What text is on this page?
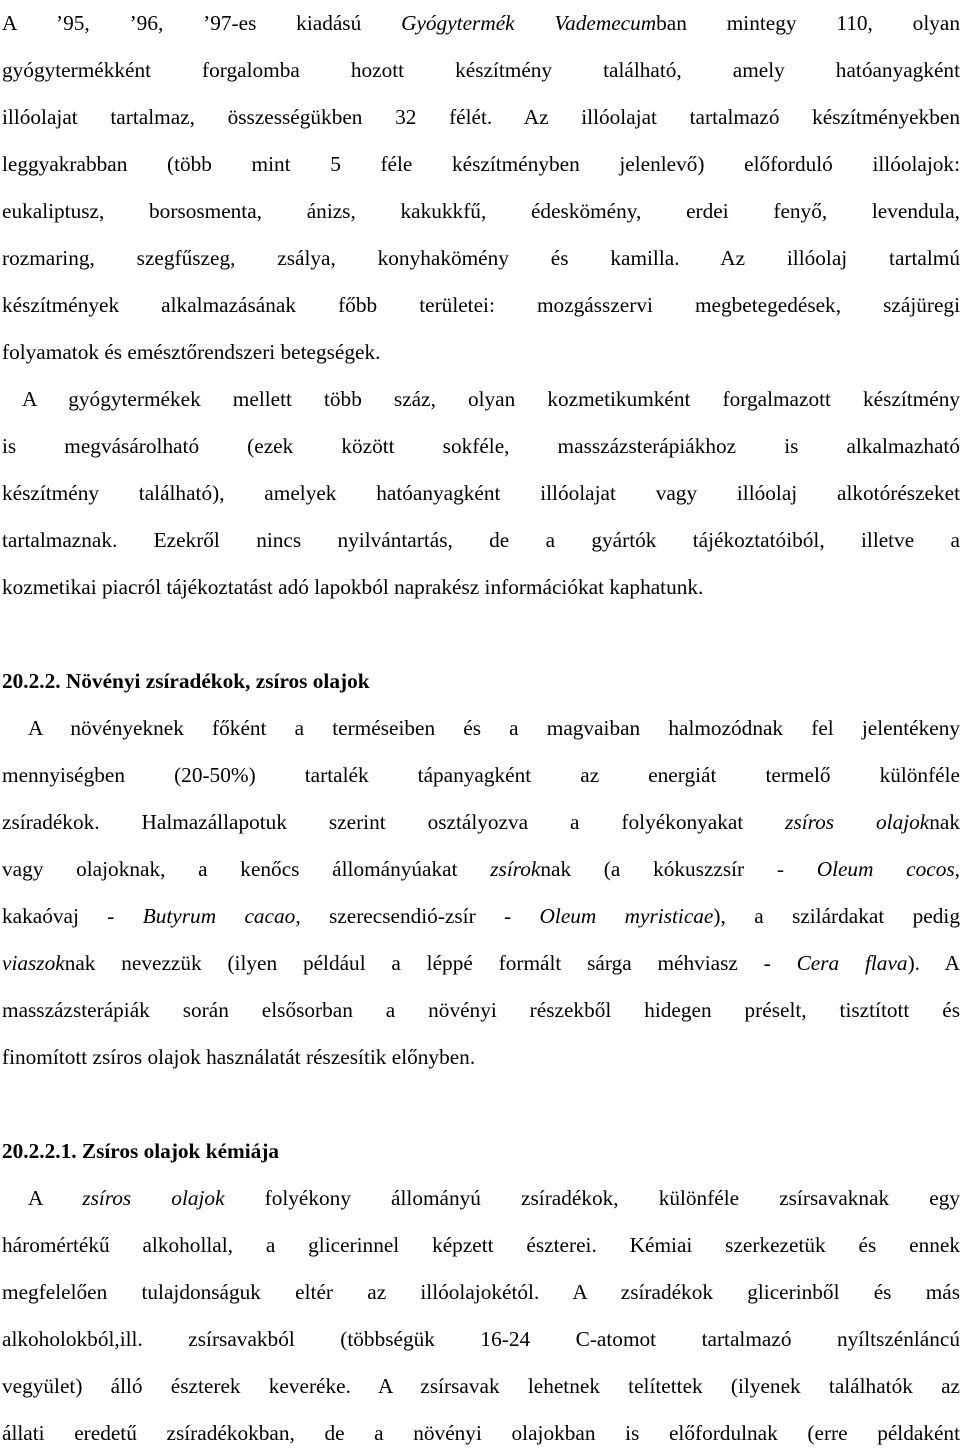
A ’95, ’96, ’97-es kiadású Gyógytermék Vademecumban mintegy 110, olyan
gyógytermékként forgalomba hozott készítmény található, amely hatóanyagként
illóolajat tartalmaz, összességükben 32 félét. Az illóolajat tartalmazó készítményekben
leggyakrabban (több mint 5 féle készítményben jelenlevő) előforduló illóolajok:
eukaliptusz, borsosmenta, ánizs, kakukkfű, édeskömény, erdei fenyő, levendula,
rozmaring, szegfűszeg, zsálya, konyhakömény és kamilla. Az illóolaj tartalmú
készítmények alkalmazásának főbb területei: mozgásszervi megbetegedések, szájüregi
folyamatok és emésztőrendszeri betegségek.
A gyógytermékek mellett több száz, olyan kozmetikumként forgalmazott készítmény
is megvásárolható (ezek között sokféle, masszázsterápiákhoz is alkalmazható
készítmény található), amelyek hatóanyagként illóolajat vagy illóolaj alkotórészeket
tartalmaznak. Ezekről nincs nyilvántartás, de a gyártók tájékoztatóiból, illetve a
kozmetikai piacról tájékoztatást adó lapokból naprakész információkat kaphatunk.
20.2.2. Növényi zsíradékok, zsíros olajok
A növényeknek főként a terméseiben és a magvaiban halmozódnak fel jelentékeny
mennyiségben (20-50%) tartalék tápanyagként az energiát termelő különféle
zsíradékok. Halmazállapotuk szerint osztályozva a folyékonyakat zsíros olajoknak
vagy olajoknak, a kenőcs állományúakat zsíroknak (a kókuszzsír - Oleum cocos,
kakaóvaj - Butyrum cacao, szerecsendió-zsír - Oleum myristicae), a szilárdakat pedig
viaszoknak nevezzük (ilyen például a léppé formált sárga méhviasz - Cera flava). A
masszázsterápiák során elsősorban a növényi részekből hidegen préselt, tisztított és
finomított zsíros olajok használatát részesítik előnyben.
20.2.2.1. Zsíros olajok kémiája
A zsíros olajok folyékony állományú zsíradékok, különféle zsírsavaknak egy
háromértékű alkohollal, a glicerinnel képzett észterei. Kémiai szerkezetük és ennek
megfelelően tulajdonságuk eltér az illóolajokétól. A zsíradékok glicerinből és más
alkoholokból,ill. zsírsavakból (többségük 16-24 C-atomot tartalmazó nyíltszénláncú
vegyület) álló észterek keveréke. A zsírsavak lehetnek telítettek (ilyenek találhatók az
állati eredetű zsíradékokban, de a növényi olajokban is előfordulnak (erre példaként
